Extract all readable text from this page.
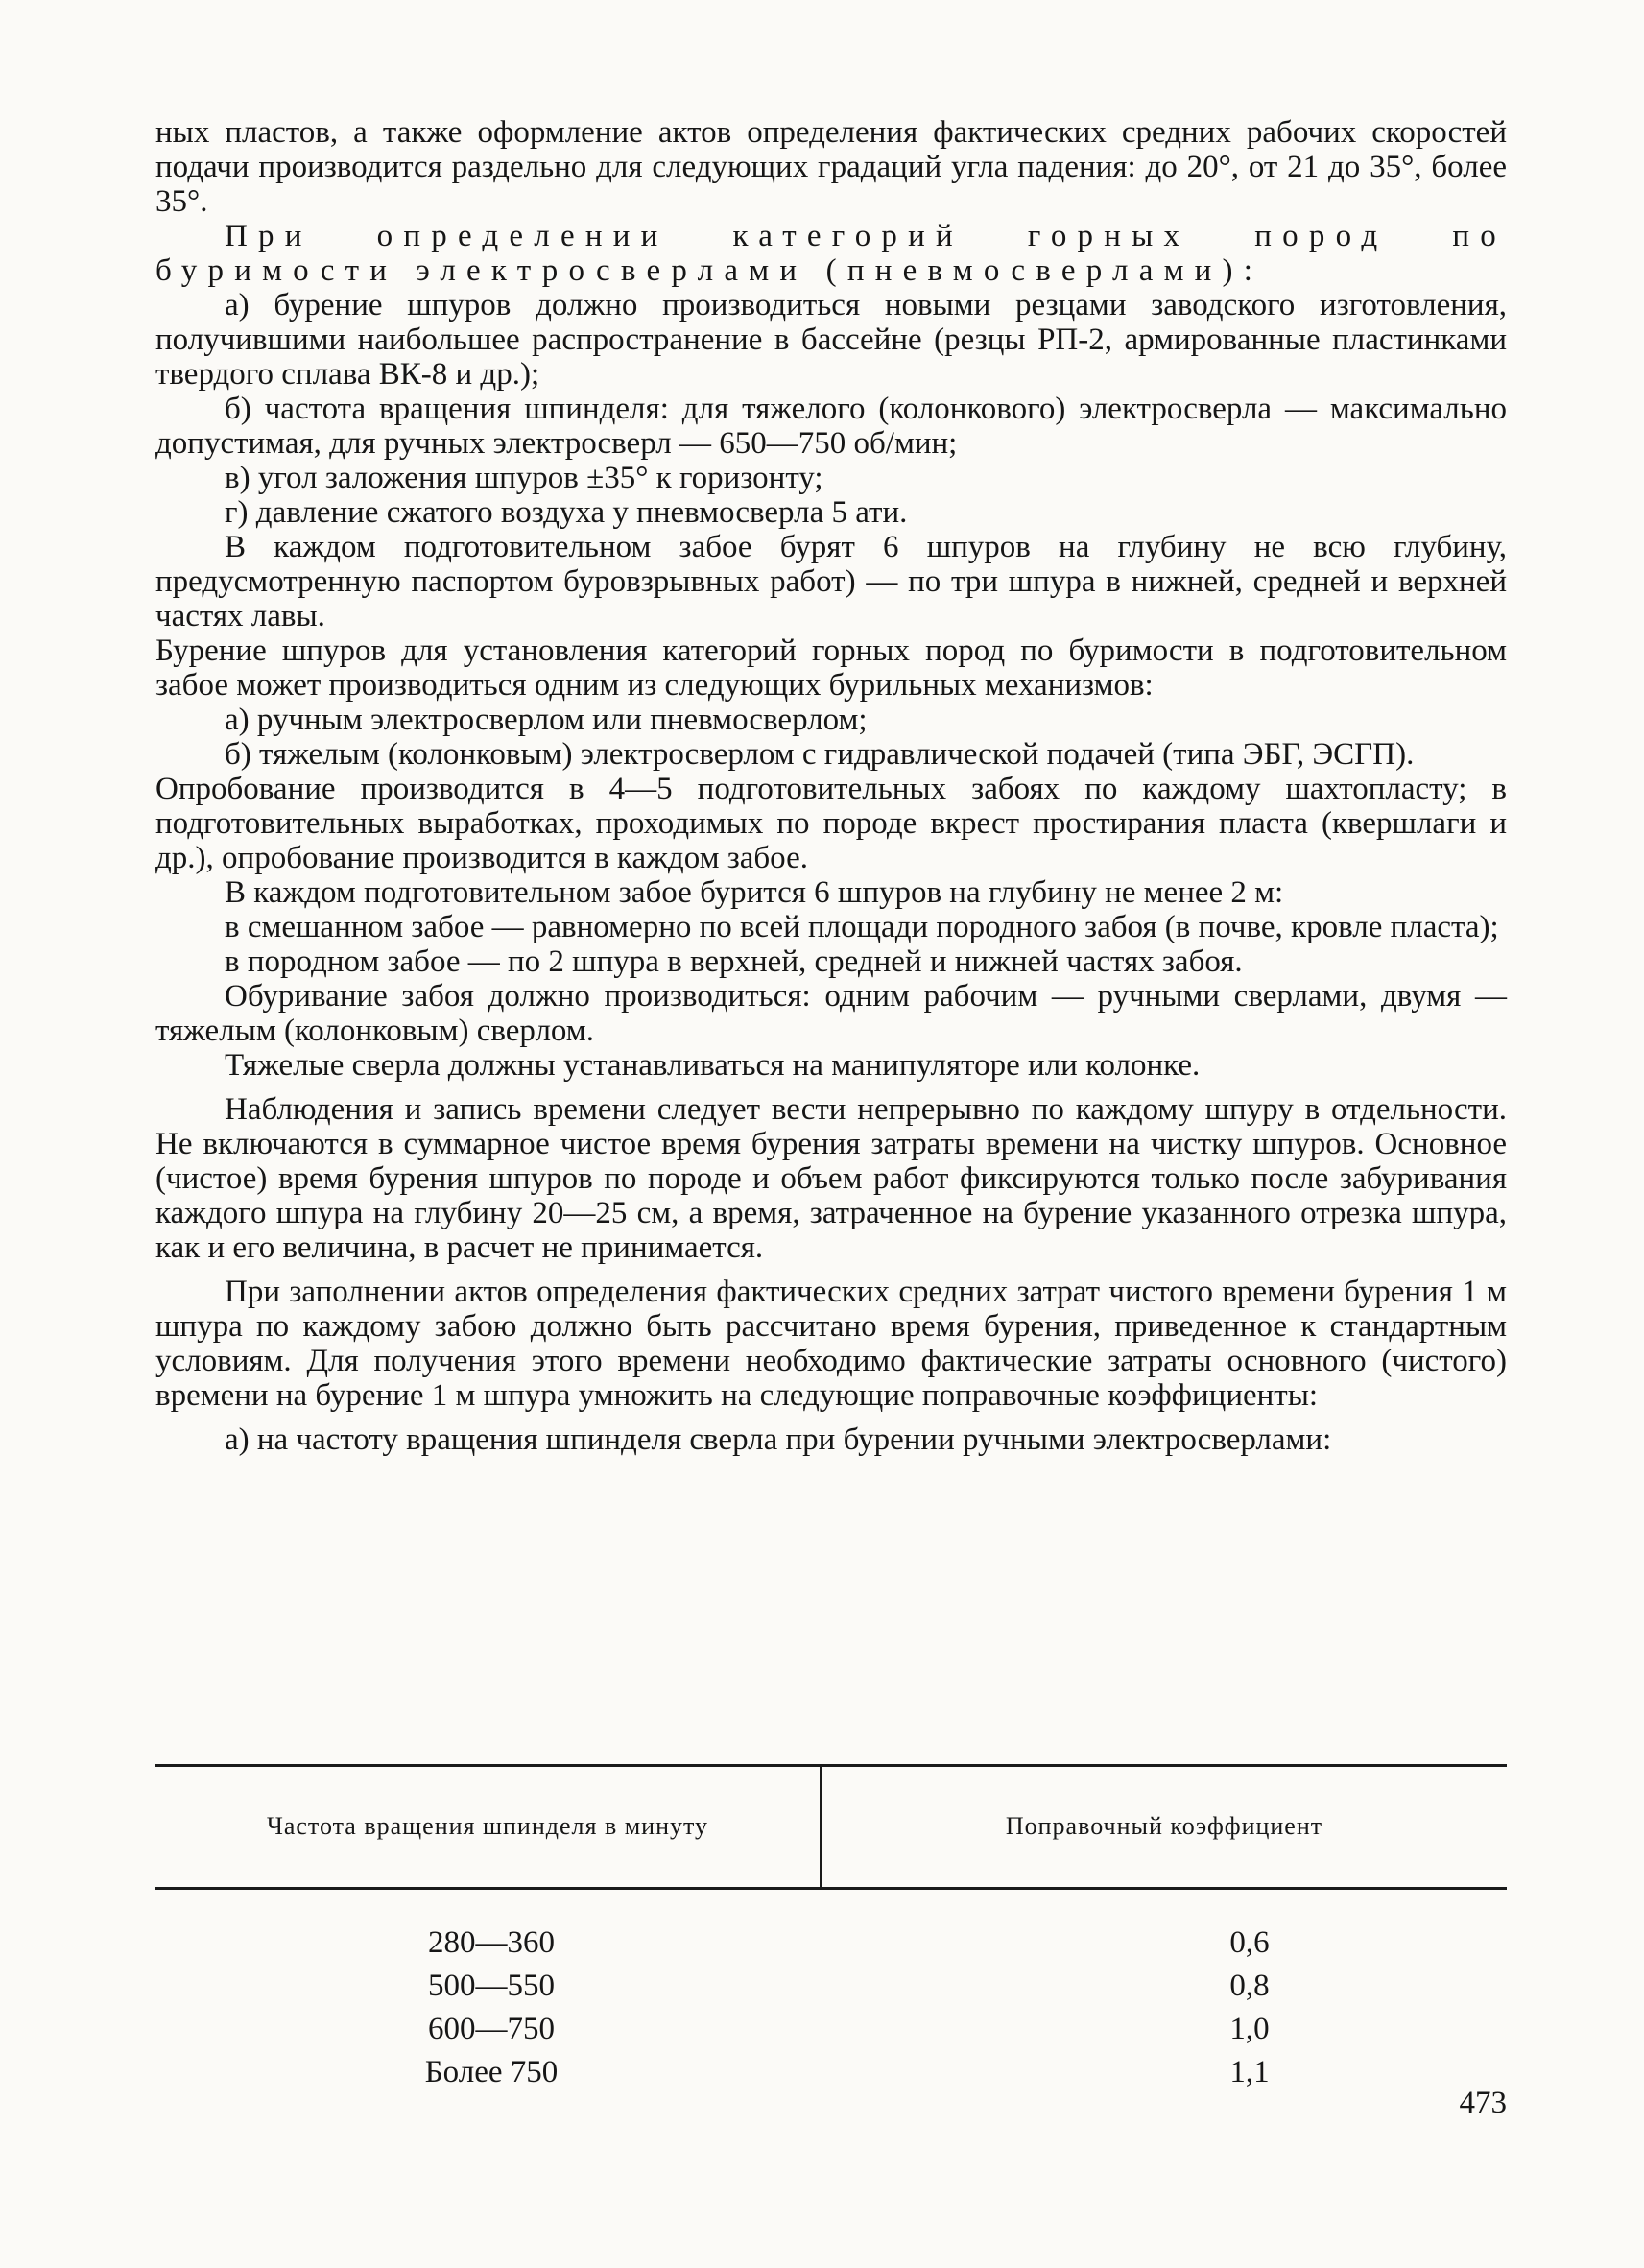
ных пластов, а также оформление актов определения фактических средних рабочих скоростей подачи производится раздельно для следующих градаций угла падения: до 20°, от 21 до 35°, более 35°.

При определении категорий горных пород по буримости электросверлами (пневмосверлами):

а) бурение шпуров должно производиться новыми резцами заводского изготовления, получившими наибольшее распространение в бассейне (резцы РП-2, армированные пластинками твердого сплава ВК-8 и др.);

б) частота вращения шпинделя: для тяжелого (колонкового) электросверла — максимально допустимая, для ручных электросверл — 650—750 об/мин;

в) угол заложения шпуров ±35° к горизонту;

г) давление сжатого воздуха у пневмосверла 5 ати.

В каждом подготовительном забое бурят 6 шпуров на глубину не всю глубину, предусмотренную паспортом буровзрывных работ) — по три шпура в нижней, средней и верхней частях лавы.

Бурение шпуров для установления категорий горных пород по буримости в подготовительном забое может производиться одним из следующих бурильных механизмов:

а) ручным электросверлом или пневмосверлом;

б) тяжелым (колонковым) электросверлом с гидравлической подачей (типа ЭБГ, ЭСГП).

Опробование производится в 4—5 подготовительных забоях по каждому шахтопласту; в подготовительных выработках, проходимых по породе вкрест простирания пласта (квершлаги и др.), опробование производится в каждом забое.

В каждом подготовительном забое бурится 6 шпуров на глубину не менее 2 м:

в смешанном забое — равномерно по всей площади породного забоя (в почве, кровле пласта);

в породном забое — по 2 шпура в верхней, средней и нижней частях забоя.

Обуривание забоя должно производиться: одним рабочим — ручными сверлами, двумя — тяжелым (колонковым) сверлом.

Тяжелые сверла должны устанавливаться на манипуляторе или колонке.

Наблюдения и запись времени следует вести непрерывно по каждому шпуру в отдельности. Не включаются в суммарное чистое время бурения затраты времени на чистку шпуров. Основное (чистое) время бурения шпуров по породе и объем работ фиксируются только после забуривания каждого шпура на глубину 20—25 см, а время, затраченное на бурение указанного отрезка шпура, как и его величина, в расчет не принимается.

При заполнении актов определения фактических средних затрат чистого времени бурения 1 м шпура по каждому забою должно быть рассчитано время бурения, приведенное к стандартным условиям. Для получения этого времени необходимо фактические затраты основного (чистого) времени на бурение 1 м шпура умножить на следующие поправочные коэффициенты:

а) на частоту вращения шпинделя сверла при бурении ручными электросверлами:

Частота вращения шпинделя в минуту	Поправочный коэффициент
280—360	0,6
500—550	0,8
600—750	1,0
Более 750	1,1
473
